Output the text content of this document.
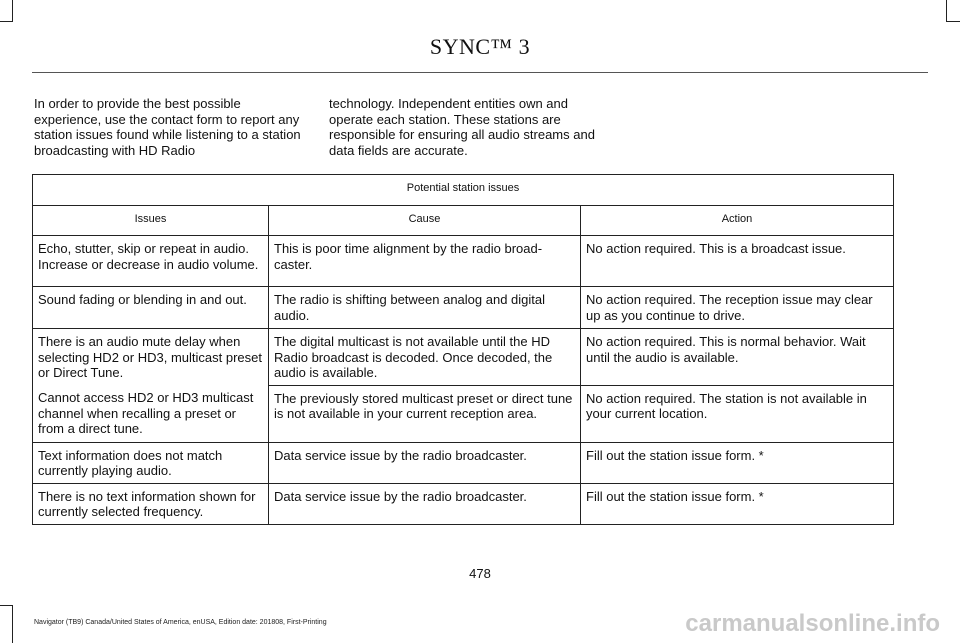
SYNC™ 3
In order to provide the best possible experience, use the contact form to report any station issues found while listening to a station broadcasting with HD Radio
technology. Independent entities own and operate each station. These stations are responsible for ensuring all audio streams and data fields are accurate.
Potential station issues		
Issues	Cause	Action
Echo, stutter, skip or repeat in audio. Increase or decrease in audio volume.	This is poor time alignment by the radio broad-caster.	No action required. This is a broadcast issue.
Sound fading or blending in and out.	The radio is shifting between analog and digital audio.	No action required. The reception issue may clear up as you continue to drive.
There is an audio mute delay when selecting HD2 or HD3, multicast preset or Direct Tune.	The digital multicast is not available until the HD Radio broadcast is decoded. Once decoded, the audio is available.	No action required. This is normal behavior. Wait until the audio is available.
Cannot access HD2 or HD3 multicast channel when recalling a preset or from a direct tune.	The previously stored multicast preset or direct tune is not available in your current reception area.	No action required. The station is not available in your current location.
Text information does not match currently playing audio.	Data service issue by the radio broadcaster.	Fill out the station issue form. *
There is no text information shown for currently selected frequency.	Data service issue by the radio broadcaster.	Fill out the station issue form. *
478
Navigator (TB9) Canada/United States of America, enUSA, Edition date: 201808, First-Printing	carmanualsonline.info
